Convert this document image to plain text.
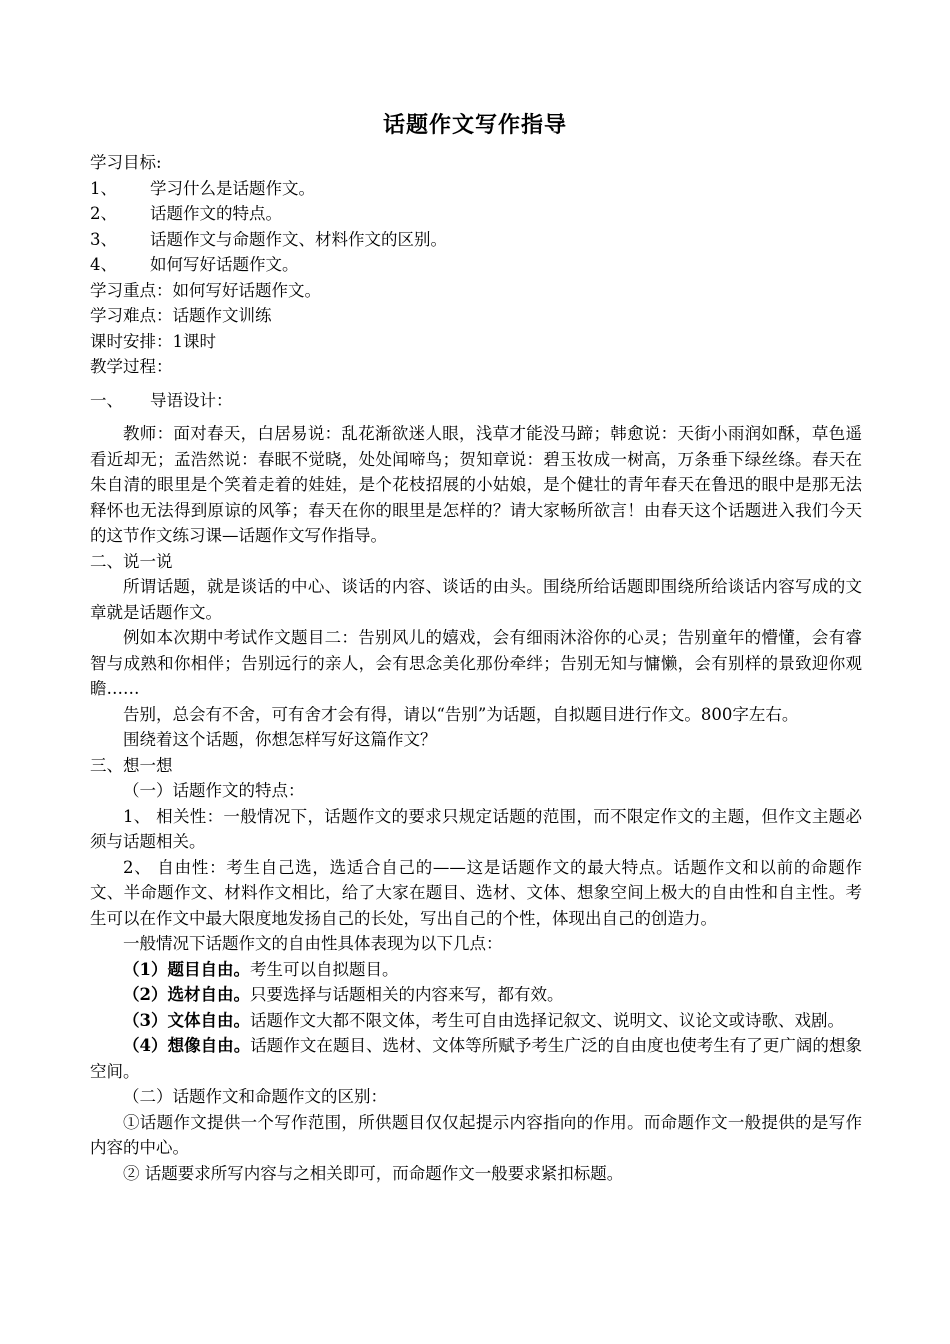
话题作文写作指导
学习目标:
1、 学习什么是话题作文。
2、 话题作文的特点。
3、 话题作文与命题作文、材料作文的区别。
4、 如何写好话题作文。
学习重点：如何写好话题作文。
学习难点：话题作文训练
课时安排：1课时
教学过程：
一、 导语设计：
教师：面对春天，白居易说：乱花渐欲迷人眼，浅草才能没马蹄；韩愈说：天街小雨润如酥，草色遥看近却无；孟浩然说：春眠不觉晓，处处闻啼鸟；贺知章说：碧玉妆成一树高，万条垂下绿丝绦。春天在朱自清的眼里是个笑着走着的娃娃，是个花枝招展的小姑娘，是个健壮的青年春天在鲁迅的眼中是那无法释怀也无法得到原谅的风筝；春天在你的眼里是怎样的？请大家畅所欲言！由春天这个话题进入我们今天的这节作文练习课—话题作文写作指导。
二、说一说
所谓话题，就是谈话的中心、谈话的内容、谈话的由头。围绕所给话题即围绕所给谈话内容写成的文章就是话题作文。
例如本次期中考试作文题目二：告别风儿的嬉戏，会有细雨沐浴你的心灵；告别童年的懵懂，会有睿智与成熟和你相伴；告别远行的亲人，会有思念美化那份牵绊；告别无知与慵懒，会有别样的景致迎你观瞻……
告别，总会有不舍，可有舍才会有得，请以“告别”为话题，自拟题目进行作文。800字左右。
围绕着这个话题，你想怎样写好这篇作文？
三、想一想
（一）话题作文的特点：
1、 相关性：一般情况下，话题作文的要求只规定话题的范围，而不限定作文的主题，但作文主题必须与话题相关。
2、 自由性：考生自己选，选适合自己的——这是话题作文的最大特点。话题作文和以前的命题作文、半命题作文、材料作文相比，给了大家在题目、选材、文体、想象空间上极大的自由性和自主性。考生可以在作文中最大限度地发扬自己的长处，写出自己的个性，体现出自己的创造力。
一般情况下话题作文的自由性具体表现为以下几点：
（1）题目自由。考生可以自拟题目。
（2）选材自由。只要选择与话题相关的内容来写，都有效。
（3）文体自由。话题作文大都不限文体，考生可自由选择记叙文、说明文、议论文或诗歌、戏剧。
（4）想像自由。话题作文在题目、选材、文体等所赋予考生广泛的自由度也使考生有了更广阔的想象空间。
（二）话题作文和命题作文的区别：
①话题作文提供一个写作范围，所供题目仅仅起提示内容指向的作用。而命题作文一般提供的是写作内容的中心。
② 话题要求所写内容与之相关即可，而命题作文一般要求紧扣标题。
